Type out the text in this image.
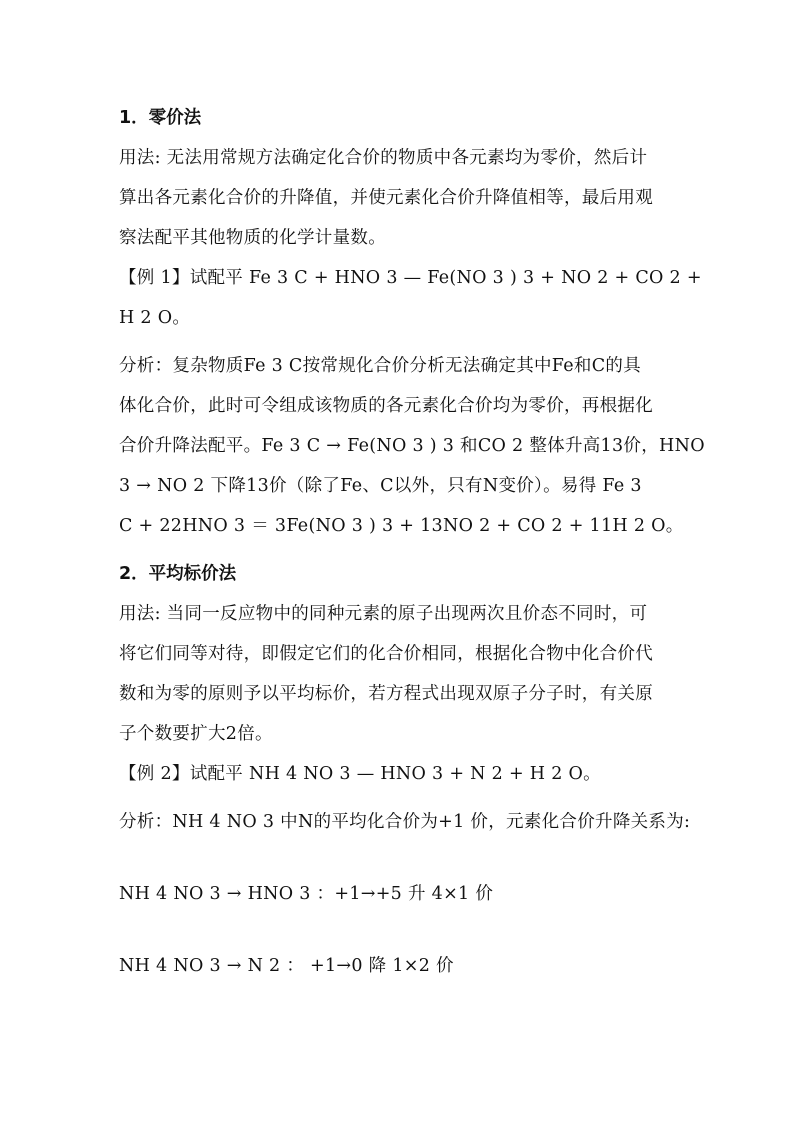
1．零价法
用法: 无法用常规方法确定化合价的物质中各元素均为零价，然后计
算出各元素化合价的升降值，并使元素化合价升降值相等，最后用观
察法配平其他物质的化学计量数。
【例 1】试配平 Fe 3 C + HNO 3 — Fe(NO 3 ) 3 + NO 2 + CO 2 +
H 2 O。
分析：复杂物质Fe 3 C按常规化合价分析无法确定其中Fe和C的具
体化合价，此时可令组成该物质的各元素化合价均为零价，再根据化
合价升降法配平。Fe 3 C → Fe(NO 3 ) 3 和CO 2 整体升高13价，HNO
3 → NO 2 下降13价（除了Fe、C以外，只有N变价）。易得 Fe 3
C + 22HNO 3 ＝ 3Fe(NO 3 ) 3 + 13NO 2 + CO 2 + 11H 2 O。
2．平均标价法
用法: 当同一反应物中的同种元素的原子出现两次且价态不同时，可
将它们同等对待，即假定它们的化合价相同，根据化合物中化合价代
数和为零的原则予以平均标价，若方程式出现双原子分子时，有关原
子个数要扩大2倍。
【例 2】试配平 NH 4 NO 3 — HNO 3 + N 2 + H 2 O。
分析：NH 4 NO 3 中N的平均化合价为+1 价，元素化合价升降关系为:
NH 4 NO 3 → HNO 3 ：+1→+5 升 4×1 价
NH 4 NO 3 → N 2 ： +1→0 降 1×2 价
